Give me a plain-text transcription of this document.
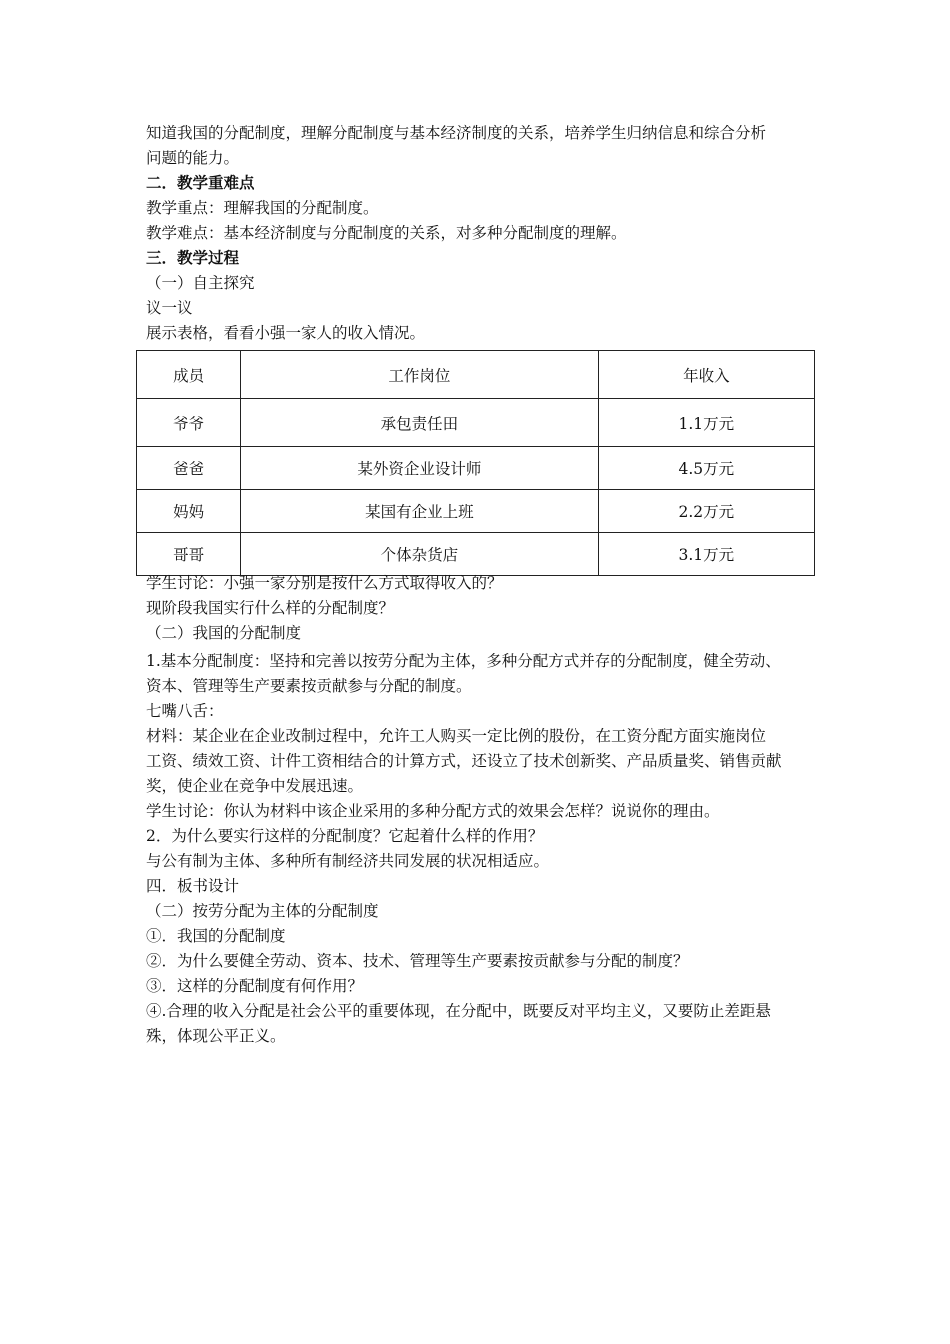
知道我国的分配制度，理解分配制度与基本经济制度的关系，培养学生归纳信息和综合分析
问题的能力。
二．教学重难点
教学重点：理解我国的分配制度。
教学难点：基本经济制度与分配制度的关系，对多种分配制度的理解。
三．教学过程
（一）自主探究
议一议
展示表格，看看小强一家人的收入情况。
成员	工作岗位	年收入
爷爷	承包责任田	1.1万元
爸爸	某外资企业设计师	4.5万元
妈妈	某国有企业上班	2.2万元
哥哥	个体杂货店	3.1万元
学生讨论：小强一家分别是按什么方式取得收入的？
现阶段我国实行什么样的分配制度？
（二）我国的分配制度
1.基本分配制度：坚持和完善以按劳分配为主体，多种分配方式并存的分配制度，健全劳动、
资本、管理等生产要素按贡献参与分配的制度。
七嘴八舌：
材料：某企业在企业改制过程中，允许工人购买一定比例的股份，在工资分配方面实施岗位
工资、绩效工资、计件工资相结合的计算方式，还设立了技术创新奖、产品质量奖、销售贡献
奖，使企业在竞争中发展迅速。
学生讨论：你认为材料中该企业采用的多种分配方式的效果会怎样？说说你的理由。
2．为什么要实行这样的分配制度？它起着什么样的作用？
与公有制为主体、多种所有制经济共同发展的状况相适应。
四．板书设计
（二）按劳分配为主体的分配制度
①．我国的分配制度
②．为什么要健全劳动、资本、技术、管理等生产要素按贡献参与分配的制度？
③．这样的分配制度有何作用？
④.合理的收入分配是社会公平的重要体现，在分配中，既要反对平均主义，又要防止差距悬
殊，体现公平正义。
